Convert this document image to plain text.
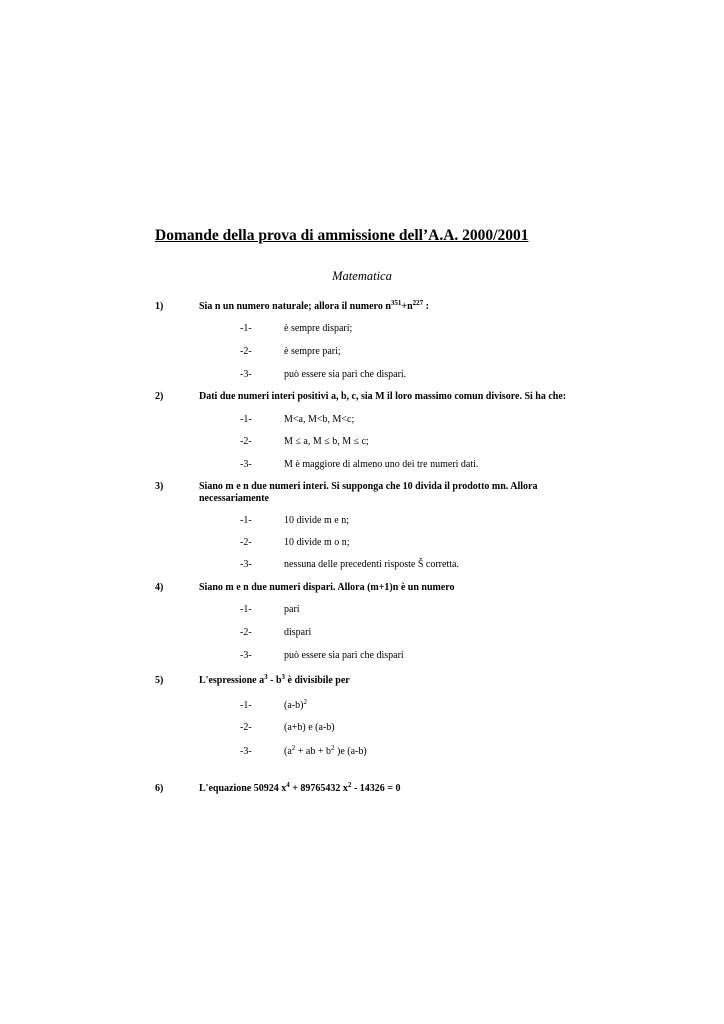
Domande della prova di ammissione dell’A.A. 2000/2001
Matematica
1)	Sia n un numero naturale; allora il numero $n^{351}+n^{227}$ :
-1-	è sempre dispari;
-2-	è sempre pari;
-3-	può essere sia pari che dispari.
2)	Dati due numeri interi positivi a, b, c, sia M il loro massimo comun divisore. Si ha che:
-1-	M<a, M<b, M<c;
-2-	M ≤ a, M ≤ b, M ≤ c;
-3-	M è maggiore di almeno uno dei tre numeri dati.
3)	Siano m e n due numeri interi. Si supponga che 10 divida il prodotto mn. Allora necessariamente
-1-	10 divide m e n;
-2-	10 divide m o n;
-3-	nessuna delle precedenti risposte Š corretta.
4)	Siano m e n due numeri dispari. Allora (m+1)n è un numero
-1-	pari
-2-	dispari
-3-	può essere sia pari che dispari
5)	L'espressione $a^3 - b^3$ è divisibile per
-1-	$(a-b)^2$
-2-	(a+b) e (a-b)
-3-	($a^2$ + ab + $b^2$ )e (a-b)
6)	L'equazione 50924 $x^4 + 89765432$ $x^2 - 14326 = 0$
